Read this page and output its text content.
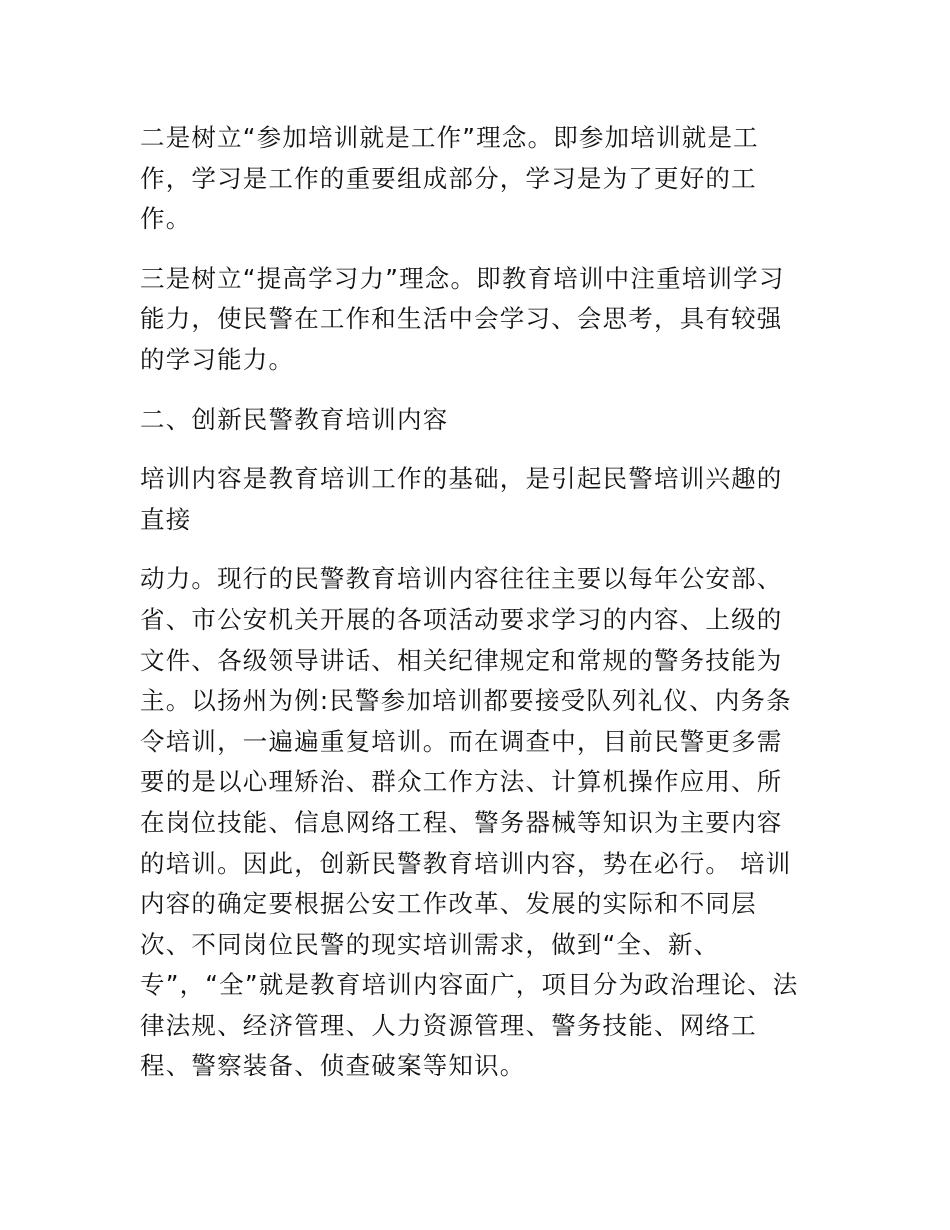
二是树立“参加培训就是工作”理念。即参加培训就是工作，学习是工作的重要组成部分，学习是为了更好的工作。

三是树立“提高学习力”理念。即教育培训中注重培训学习能力，使民警在工作和生活中会学习、会思考，具有较强的学习能力。

二、创新民警教育培训内容

培训内容是教育培训工作的基础，是引起民警培训兴趣的直接

动力。现行的民警教育培训内容往往主要以每年公安部、省、市公安机关开展的各项活动要求学习的内容、上级的文件、各级领导讲话、相关纪律规定和常规的警务技能为主。以扬州为例:民警参加培训都要接受队列礼仪、内务条令培训，一遍遍重复培训。而在调查中，目前民警更多需要的是以心理矫治、群众工作方法、计算机操作应用、所在岗位技能、信息网络工程、警务器械等知识为主要内容的培训。因此，创新民警教育培训内容，势在必行。 培训内容的确定要根据公安工作改革、发展的实际和不同层次、不同岗位民警的现实培训需求，做到“全、新、专”，“全”就是教育培训内容面广，项目分为政治理论、法律法规、经济管理、人力资源管理、警务技能、网络工程、警察装备、侦查破案等知识。
